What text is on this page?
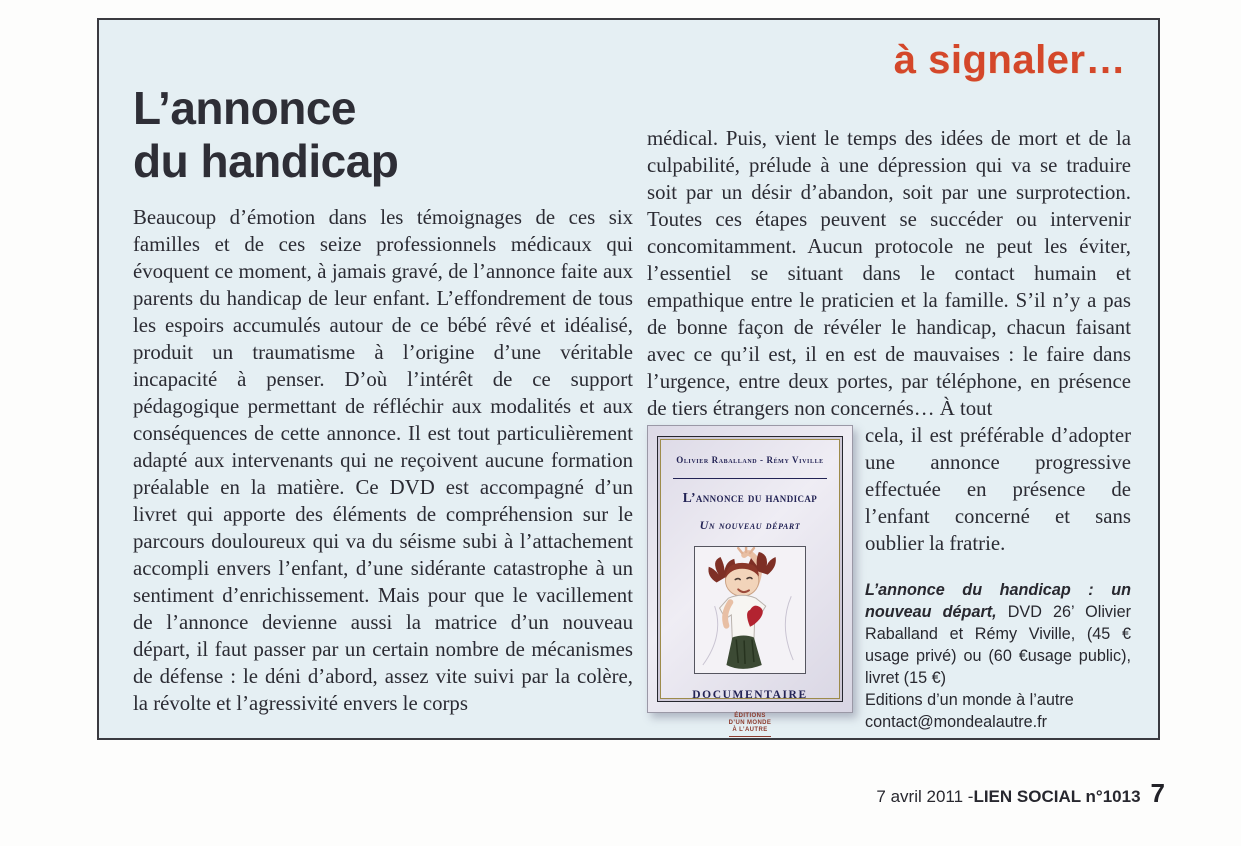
à signaler…
L’annonce
du handicap
Beaucoup d’émotion dans les témoignages de ces six familles et de ces seize professionnels médicaux qui évoquent ce moment, à jamais gravé, de l’annonce faite aux parents du handicap de leur enfant. L’effondrement de tous les espoirs accumulés autour de ce bébé rêvé et idéalisé, produit un traumatisme à l’origine d’une véritable incapacité à penser. D’où l’intérêt de ce support pédagogique permettant de réfléchir aux modalités et aux conséquences de cette annonce. Il est tout particulièrement adapté aux intervenants qui ne reçoivent aucune formation préalable en la matière. Ce DVD est accompagné d’un livret qui apporte des éléments de compréhension sur le parcours douloureux qui va du séisme subi à l’attachement accompli envers l’enfant, d’une sidérante catastrophe à un sentiment d’enrichissement. Mais pour que le vacillement de l’annonce devienne aussi la matrice d’un nouveau départ, il faut passer par un certain nombre de mécanismes de défense : le déni d’abord, assez vite suivi par la colère, la révolte et l’agressivité envers le corps

médical. Puis, vient le temps des idées de mort et de la culpabilité, prélude à une dépression qui va se traduire soit par un désir d’abandon, soit par une surprotection. Toutes ces étapes peuvent se succéder ou intervenir concomitamment. Aucun protocole ne peut les éviter, l’essentiel se situant dans le contact humain et empathique entre le praticien et la famille. S’il n’y a pas de bonne façon de révéler le handicap, chacun faisant avec ce qu’il est, il en est de mauvaises : le faire dans l’urgence, entre deux portes, par téléphone, en présence de tiers étrangers non concernés… À tout

Olivier Raballand - Rémy Viville
L’annonce du handicap
Un nouveau départ
DOCUMENTAIRE
ÉDITIONS
D’UN MONDE
À L’AUTRE

cela, il est préférable d’adopter une annonce progressive effectuée en présence de l’enfant concerné et sans oublier la fratrie.

L’annonce du handicap : un nouveau départ, DVD 26’ Olivier Raballand et Rémy Viville, (45 € usage privé) ou (60 €usage public), livret (15 €)

Editions d’un monde à l’autre
contact@mondealautre.fr
7 avril 2011 - LIEN SOCIAL n°1013 7
